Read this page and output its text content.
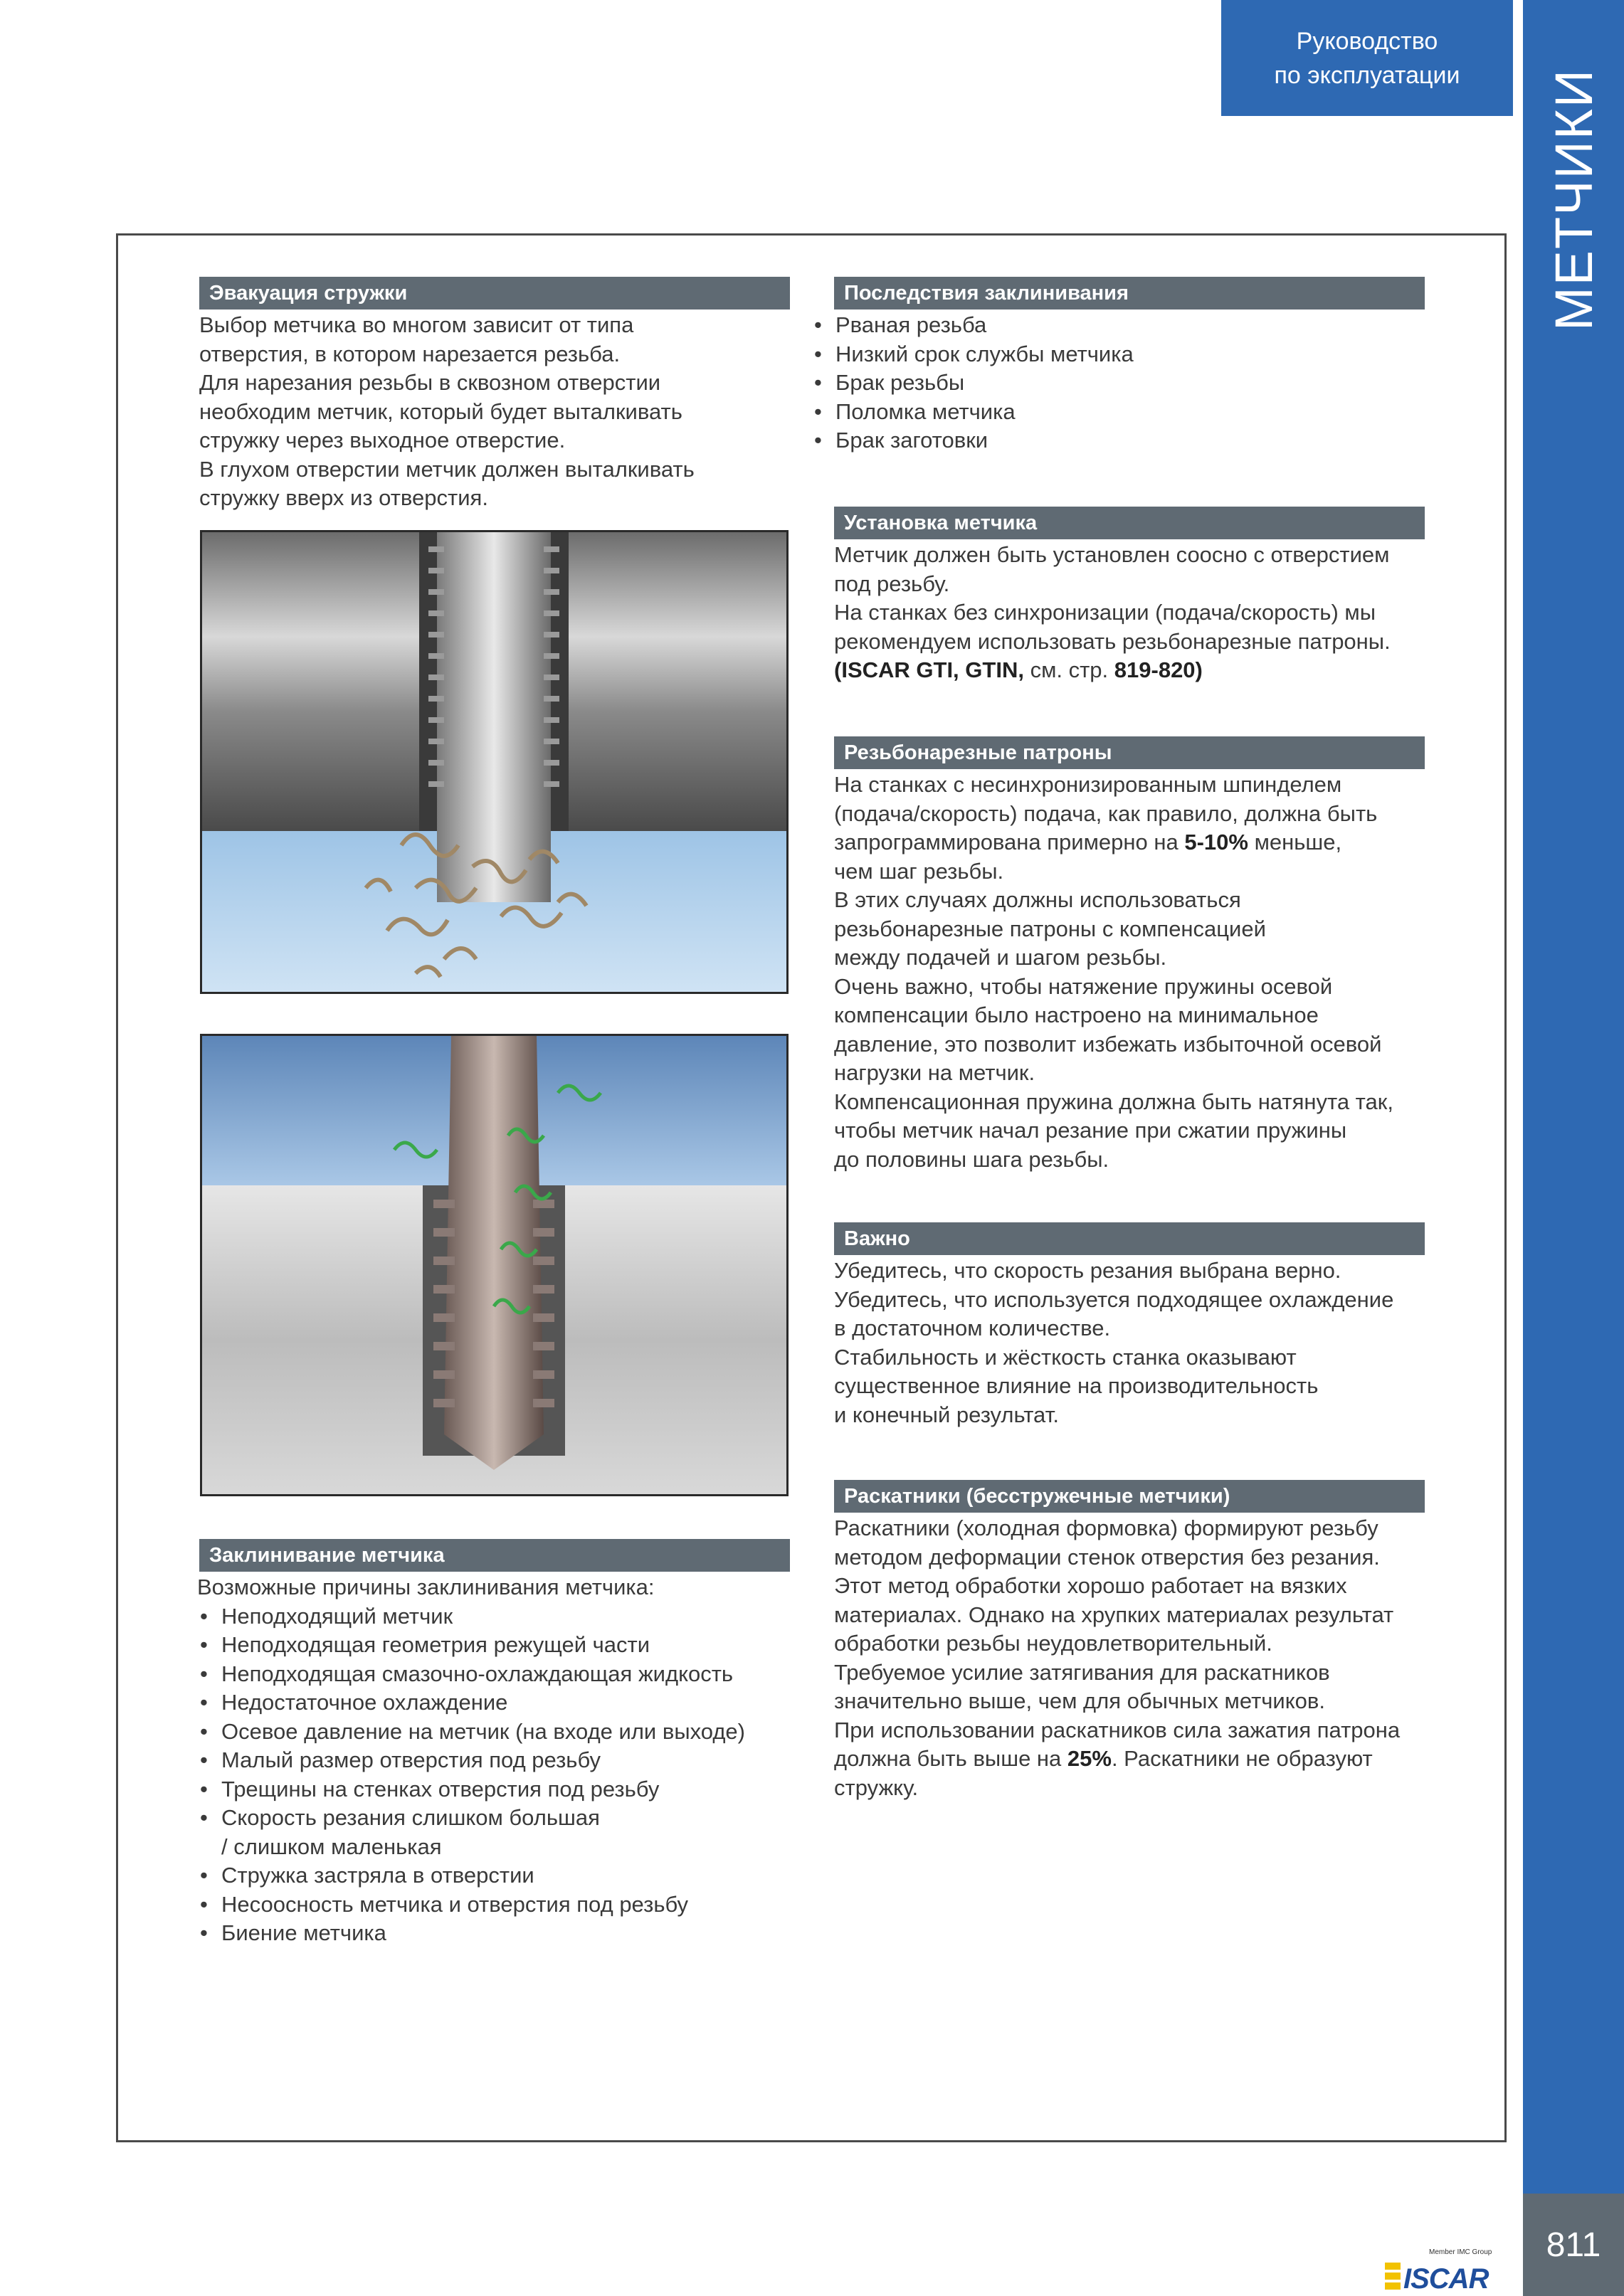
МЕТЧИКИ
811
Руководство
по эксплуатации
Эвакуация стружки

Выбор метчика во многом зависит от типа

отверстия, в котором нарезается резьба.

Для нарезания резьбы в сквозном отверстии

необходим метчик, который будет выталкивать

стружку через выходное отверстие.

В глухом отверстии метчик должен выталкивать

стружку вверх из отверстия.

Заклинивание метчика
Возможные причины заклинивания метчика:
• Неподходящий метчик
• Неподходящая геометрия режущей части
• Неподходящая смазочно-охлаждающая жидкость
• Недостаточное охлаждение
• Осевое давление на метчик (на входе или выходе)
• Малый размер отверстия под резьбу
• Трещины на стенках отверстия под резьбу
• Скорость резания слишком большая
/ слишком маленькая
• Стружка застряла в отверстии
• Несоосность метчика и отверстия под резьбу
• Биение метчика
Последствия заклинивания
• Рваная резьба
• Низкий срок службы метчика
• Брак резьбы
• Поломка метчика
• Брак заготовки
Установка метчика

Метчик должен быть установлен соосно с отверстием

под резьбу.

На станках без синхронизации (подача/скорость) мы

рекомендуем использовать резьбонарезные патроны.

(ISCAR GTI, GTIN, см. стр. 819-820)

Резьбонарезные патроны

На станках с несинхронизированным шпинделем

(подача/скорость) подача, как правило, должна быть

запрограммирована примерно на 5-10% меньше,

чем шаг резьбы.

В этих случаях должны использоваться

резьбонарезные патроны с компенсацией

между подачей и шагом резьбы.

Очень важно, чтобы натяжение пружины осевой

компенсации было настроено на минимальное

давление, это позволит избежать избыточной осевой

нагрузки на метчик.

Компенсационная пружина должна быть натянута так,

чтобы метчик начал резание при сжатии пружины

до половины шага резьбы.

Важно

Убедитесь, что скорость резания выбрана верно.

Убедитесь, что используется подходящее охлаждение

в достаточном количестве.

Стабильность и жёсткость станка оказывают

существенное влияние на производительность

и конечный результат.

Раскатники (бесстружечные метчики)

Раскатники (холодная формовка) формируют резьбу

методом деформации стенок отверстия без резания.

Этот метод обработки хорошо работает на вязких

материалах. Однако на хрупких материалах результат

обработки резьбы неудовлетворительный.

Требуемое усилие затягивания для раскатников

значительно выше, чем для обычных метчиков.

При использовании раскатников сила зажатия патрона

должна быть выше на 25%. Раскатники не образуют

стружку.

Member IMC Group
ISCAR
